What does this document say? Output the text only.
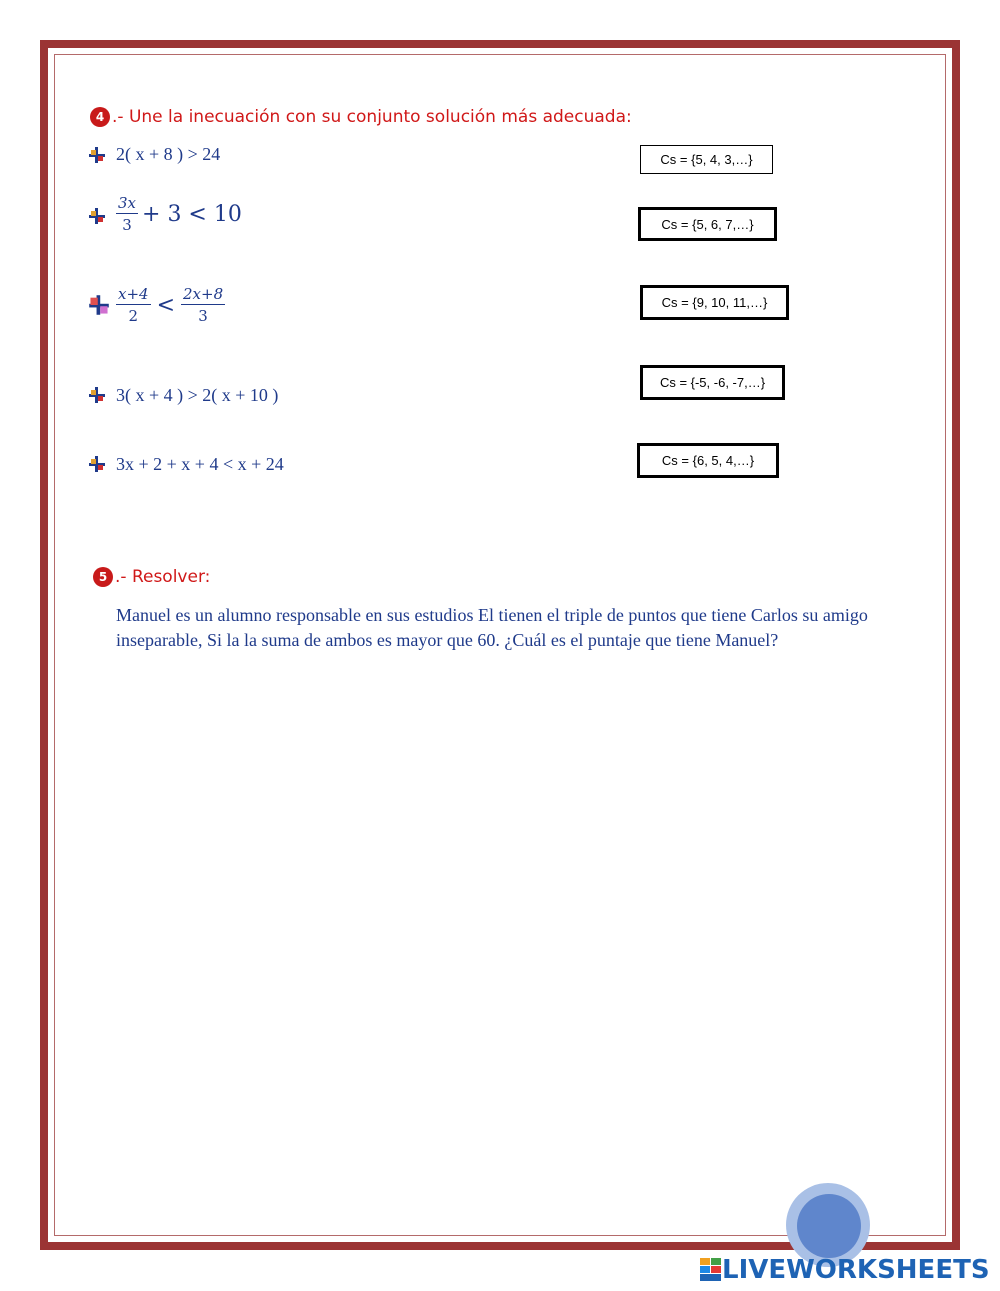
4 .- Une la inecuación con su conjunto solución más adecuada:
2( x + 8 ) > 24
$\frac{3x}{3} + 3 < 10$
$\frac{x+4}{2} < \frac{2x+8}{3}$
3( x + 4 ) > 2( x + 10 )
3x + 2 + x + 4 < x + 24
Cs = {5, 4, 3,…}
Cs = {5, 6, 7,…}
Cs = {9, 10, 11,…}
Cs = {-5, -6, -7,…}
Cs = {6, 5, 4,…}
5 .- Resolver:
Manuel es un alumno responsable en sus estudios El tienen el triple de puntos que tiene Carlos su amigo inseparable, Si la la suma de ambos es mayor que 60. ¿Cuál es el puntaje que tiene Manuel?
LIVEWORKSHEETS
